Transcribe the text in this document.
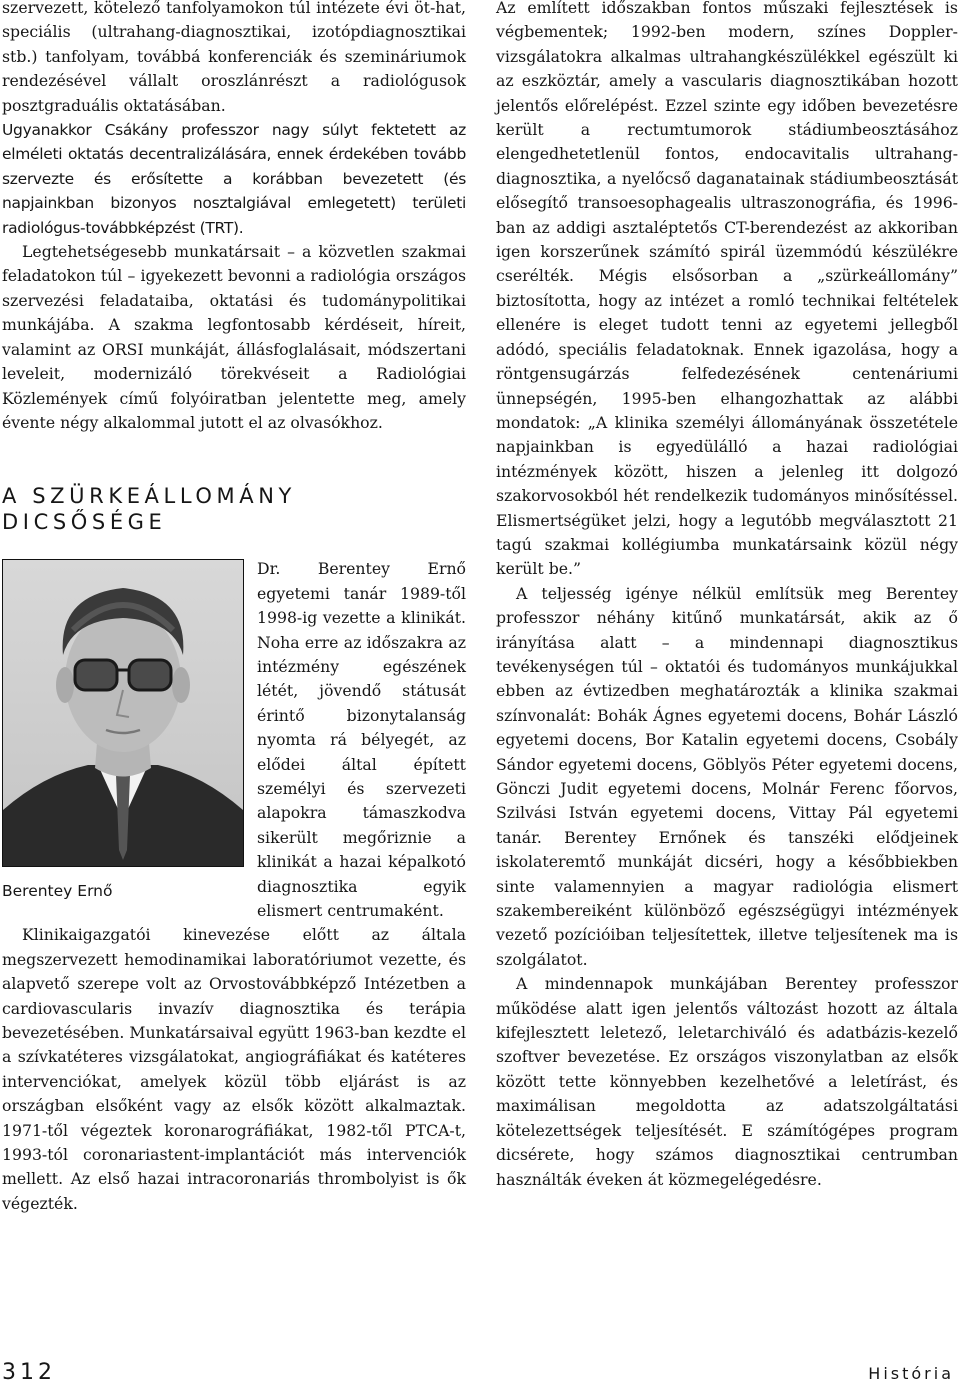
szervezett, kötelező tanfolyamokon túl intézete évi öt-hat, speciális (ultrahang-diagnosztikai, izotópdiagnosztikai stb.) tanfolyam, továbbá konferenciák és szemináriumok rendezésével vállalt oroszlánrészt a radiológusok posztgraduális oktatásában.

Ugyanakkor Csákány professzor nagy súlyt fektetett az elméleti oktatás decentralizálására, ennek érdekében tovább szervezte és erősítette a korábban bevezetett (és napjainkban bizonyos nosztalgiával emlegetett) területi radiológus-továbbképzést (TRT).

Legtehetségesebb munkatársait – a közvetlen szakmai feladatokon túl – igyekezett bevonni a radiológia országos szervezési feladataiba, oktatási és tudománypolitikai munkájába. A szakma legfontosabb kérdéseit, híreit, valamint az ORSI munkáját, állásfoglalásait, módszertani leveleit, modernizáló törekvéseit a Radiológiai Közlemények című folyóiratban jelentette meg, amely évente négy alkalommal jutott el az olvasókhoz.

A SZÜRKEÁLLOMÁNY
DICSŐSÉGE

Berentey Ernő
Dr. Berentey Ernő egyetemi tanár 1989-től 1998-ig vezette a klinikát. Noha erre az időszakra az intézmény egészének létét, jövendő státusát érintő bizonytalanság nyomta rá bélyegét, az elődei által épített személyi és szervezeti alapokra támaszkodva sikerült megőriznie a klinikát a hazai képalkotó diagnosztika egyik elismert centrumaként.

Klinikaigazgatói kinevezése előtt az általa megszervezett hemodinamikai laboratóriumot vezette, és alapvető szerepe volt az Orvostovábbképző Intézetben a cardiovascularis invazív diagnosztika és terápia bevezetésében. Munkatársaival együtt 1963-ban kezdte el a szívkatéteres vizsgálatokat, angiográfiákat és katéteres intervenciókat, amelyek közül több eljárást is az országban elsőként vagy az elsők között alkalmaztak. 1971-től végeztek koronarográfiákat, 1982-től PTCA-t, 1993-tól coronariastent-implantációt más intervenciók mellett. Az első hazai intracoronariás thrombolyist is ők végezték.

Az említett időszakban fontos műszaki fejlesztések is végbementek; 1992-ben modern, színes Doppler-vizsgálatokra alkalmas ultrahangkészülékkel egészült ki az eszköztár, amely a vascularis diagnosztikában hozott jelentős előrelépést. Ezzel szinte egy időben bevezetésre került a rectumtumorok stádiumbeosztásához elengedhetetlenül fontos, endocavitalis ultrahang-diagnosztika, a nyelőcső daganatainak stádiumbeosztását elősegítő transoesophagealis ultraszonográfia, és 1996-ban az addigi asztaléptetős CT-berendezést az akkoriban igen korszerűnek számító spirál üzemmódú készülékre cserélték. Mégis elsősorban a „szürkeállomány” biztosította, hogy az intézet a romló technikai feltételek ellenére is eleget tudott tenni az egyetemi jellegből adódó, speciális feladatoknak. Ennek igazolása, hogy a röntgensugárzás felfedezésének centenáriumi ünnepségén, 1995-ben elhangozhattak az alábbi mondatok: „A klinika személyi állományának összetétele napjainkban is egyedülálló a hazai radiológiai intézmények között, hiszen a jelenleg itt dolgozó szakorvosokból hét rendelkezik tudományos minősítéssel. Elismertségüket jelzi, hogy a legutóbb megválasztott 21 tagú szakmai kollégiumba munkatársaink közül négy került be.”

A teljesség igénye nélkül említsük meg Berentey professzor néhány kitűnő munkatársát, akik az ő irányítása alatt – a mindennapi diagnosztikus tevékenységen túl – oktatói és tudományos munkájukkal ebben az évtizedben meghatározták a klinika szakmai színvonalát: Bohák Ágnes egyetemi docens, Bohár László egyetemi docens, Bor Katalin egyetemi docens, Csobály Sándor egyetemi docens, Göblyös Péter egyetemi docens, Gönczi Judit egyetemi docens, Molnár Ferenc főorvos, Szilvási István egyetemi docens, Vittay Pál egyetemi tanár. Berentey Ernőnek és tanszéki elődjeinek iskolateremtő munkáját dicséri, hogy a későbbiekben sinte valamennyien a magyar radiológia elismert szakembereiként különböző egészségügyi intézmények vezető pozícióiban teljesítettek, illetve teljesítenek ma is szolgálatot.

A mindennapok munkájában Berentey professzor működése alatt igen jelentős változást hozott az általa kifejlesztett leletező, leletarchiváló és adatbázis-kezelő szoftver bevezetése. Ez országos viszonylatban az elsők között tette könnyebben kezelhetővé a leletírást, és maximálisan megoldotta az adatszolgáltatási kötelezettségek teljesítését. E számítógépes program dicsérete, hogy számos diagnosztikai centrumban használták éveken át közmegelégedésre.

312	História
